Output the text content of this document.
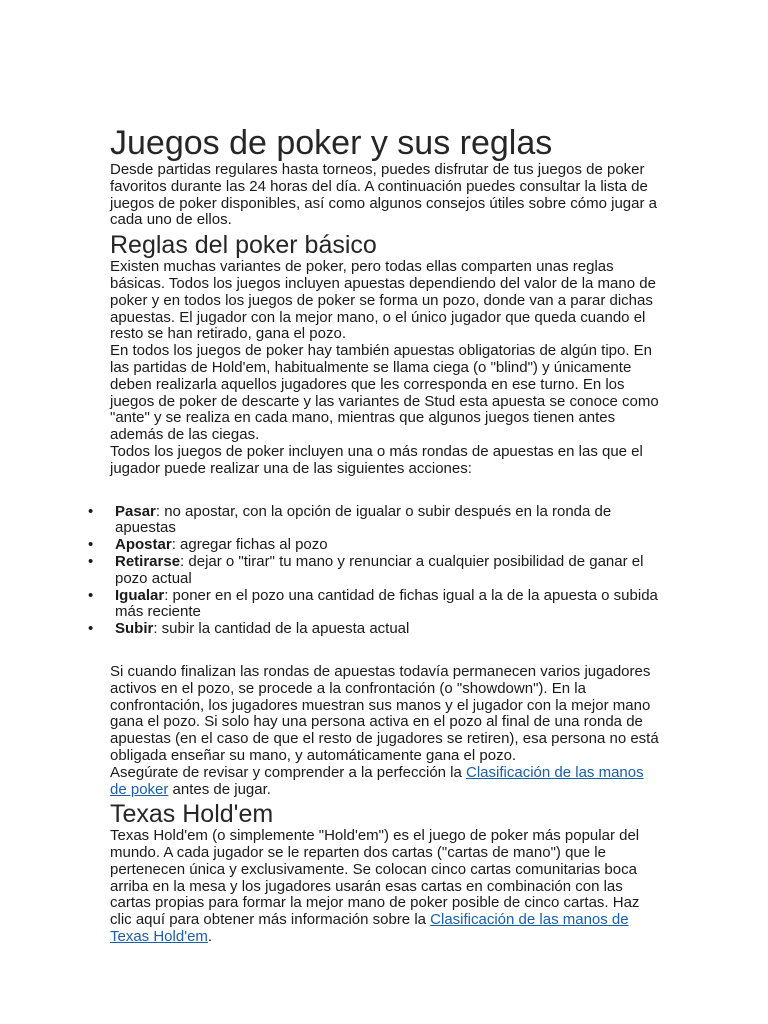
Juegos de poker y sus reglas

Desde partidas regulares hasta torneos, puedes disfrutar de tus juegos de poker favoritos durante las 24 horas del día. A continuación puedes consultar la lista de juegos de poker disponibles, así como algunos consejos útiles sobre cómo jugar a cada uno de ellos.

Reglas del poker básico

Existen muchas variantes de poker, pero todas ellas comparten unas reglas básicas. Todos los juegos incluyen apuestas dependiendo del valor de la mano de poker y en todos los juegos de poker se forma un pozo, donde van a parar dichas apuestas. El jugador con la mejor mano, o el único jugador que queda cuando el resto se han retirado, gana el pozo.

En todos los juegos de poker hay también apuestas obligatorias de algún tipo. En las partidas de Hold'em, habitualmente se llama ciega (o "blind") y únicamente deben realizarla aquellos jugadores que les corresponda en ese turno. En los juegos de poker de descarte y las variantes de Stud esta apuesta se conoce como "ante" y se realiza en cada mano, mientras que algunos juegos tienen antes además de las ciegas.

Todos los juegos de poker incluyen una o más rondas de apuestas en las que el jugador puede realizar una de las siguientes acciones:

• Pasar: no apostar, con la opción de igualar o subir después en la ronda de apuestas
• Apostar: agregar fichas al pozo
• Retirarse: dejar o "tirar" tu mano y renunciar a cualquier posibilidad de ganar el pozo actual
• Igualar: poner en el pozo una cantidad de fichas igual a la de la apuesta o subida más reciente
• Subir: subir la cantidad de la apuesta actual

Si cuando finalizan las rondas de apuestas todavía permanecen varios jugadores activos en el pozo, se procede a la confrontación (o "showdown"). En la confrontación, los jugadores muestran sus manos y el jugador con la mejor mano gana el pozo. Si solo hay una persona activa en el pozo al final de una ronda de apuestas (en el caso de que el resto de jugadores se retiren), esa persona no está obligada enseñar su mano, y automáticamente gana el pozo.

Asegúrate de revisar y comprender a la perfección la Clasificación de las manos de poker antes de jugar.

Texas Hold'em

Texas Hold'em (o simplemente "Hold'em") es el juego de poker más popular del mundo. A cada jugador se le reparten dos cartas ("cartas de mano") que le pertenecen única y exclusivamente. Se colocan cinco cartas comunitarias boca arriba en la mesa y los jugadores usarán esas cartas en combinación con las cartas propias para formar la mejor mano de poker posible de cinco cartas. Haz clic aquí para obtener más información sobre la Clasificación de las manos de Texas Hold'em.
